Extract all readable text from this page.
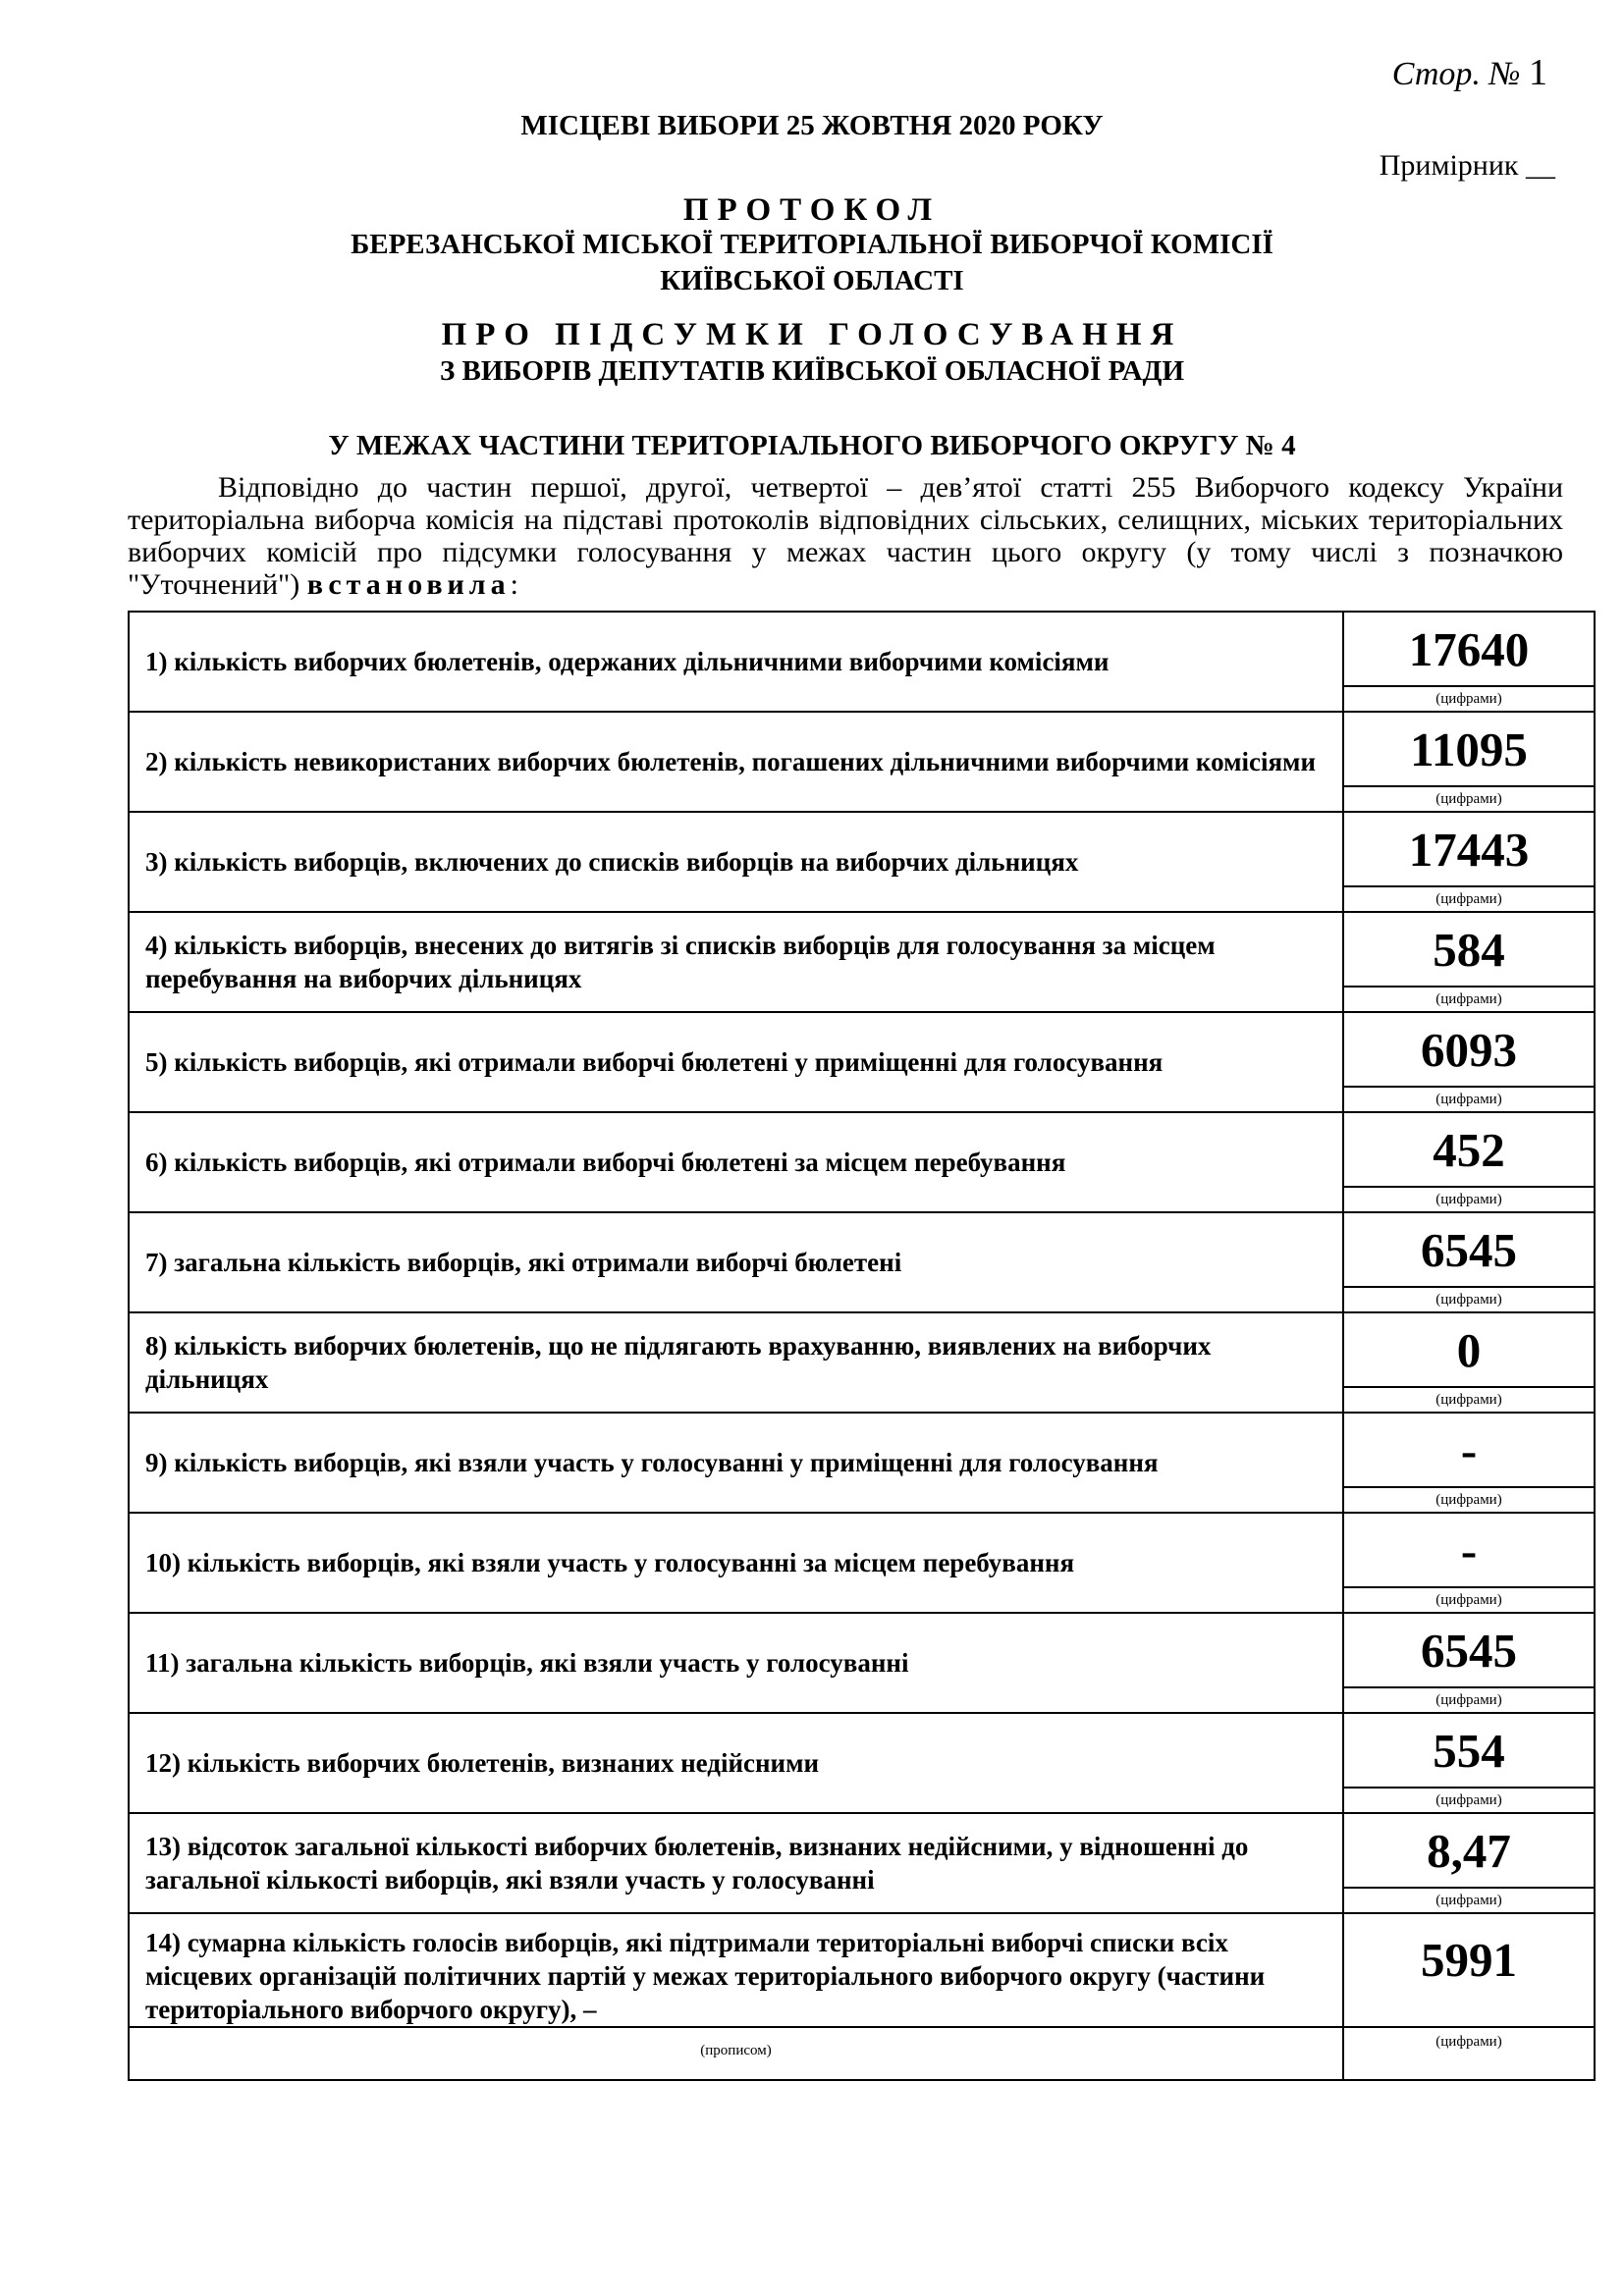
Стор. № 1
МІСЦЕВІ ВИБОРИ 25 ЖОВТНЯ 2020 РОКУ
Примірник __
ПРОТОКОЛ
БЕРЕЗАНСЬКОЇ МІСЬКОЇ ТЕРИТОРІАЛЬНОЇ ВИБОРЧОЇ КОМІСІЇ
КИЇВСЬКОЇ ОБЛАСТІ
ПРО ПІДСУМКИ ГОЛОСУВАННЯ
З ВИБОРІВ ДЕПУТАТІВ КИЇВСЬКОЇ ОБЛАСНОЇ РАДИ
У МЕЖАХ ЧАСТИНИ ТЕРИТОРІАЛЬНОГО ВИБОРЧОГО ОКРУГУ № 4

Відповідно до частин першої, другої, четвертої – дев’ятої статті 255 Виборчого кодексу України територіальна виборча комісія на підставі протоколів відповідних сільських, селищних, міських територіальних виборчих комісій про підсумки голосування у межах частин цього округу (у тому числі з позначкою "Уточнений") встановила:

1) кількість виборчих бюлетенів, одержаних дільничними виборчими комісіями	17640
(цифрами)

2) кількість невикористаних виборчих бюлетенів, погашених дільничними виборчими комісіями	11095
(цифрами)

3) кількість виборців, включених до списків виборців на виборчих дільницях	17443
(цифрами)

4) кількість виборців, внесених до витягів зі списків виборців для голосування за місцем перебування на виборчих дільницях	584
(цифрами)

5) кількість виборців, які отримали виборчі бюлетені у приміщенні для голосування	6093
(цифрами)

6) кількість виборців, які отримали виборчі бюлетені за місцем перебування	452
(цифрами)

7) загальна кількість виборців, які отримали виборчі бюлетені	6545
(цифрами)

8) кількість виборчих бюлетенів, що не підлягають врахуванню, виявлених на виборчих дільницях	0
(цифрами)

9) кількість виборців, які взяли участь у голосуванні у приміщенні для голосування	-
(цифрами)

10) кількість виборців, які взяли участь у голосуванні за місцем перебування	-
(цифрами)

11) загальна кількість виборців, які взяли участь у голосуванні	6545
(цифрами)

12) кількість виборчих бюлетенів, визнаних недійсними	554
(цифрами)

13) відсоток загальної кількості виборчих бюлетенів, визнаних недійсними, у відношенні до загальної кількості виборців, які взяли участь у голосуванні	8,47
(цифрами)

14) сумарна кількість голосів виборців, які підтримали територіальні виборчі списки всіх місцевих організацій політичних партій у межах територіального виборчого округу (частини територіального виборчого округу), –	5991

(прописом)	(цифрами)
